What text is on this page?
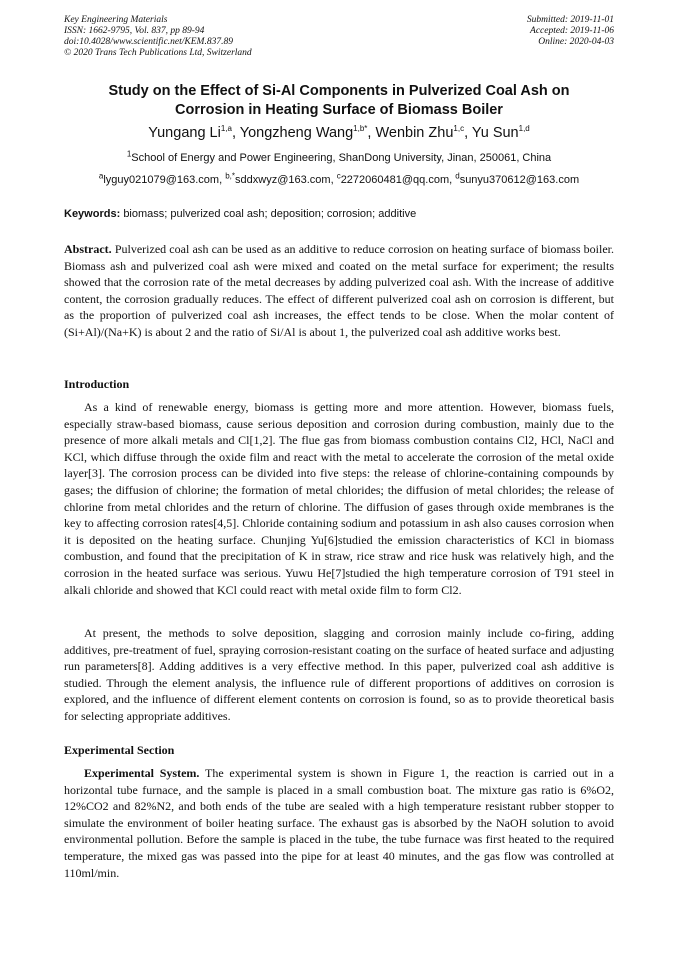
Key Engineering Materials
ISSN: 1662-9795, Vol. 837, pp 89-94
doi:10.4028/www.scientific.net/KEM.837.89
© 2020 Trans Tech Publications Ltd, Switzerland
Submitted: 2019-11-01
Accepted: 2019-11-06
Online: 2020-04-03
Study on the Effect of Si-Al Components in Pulverized Coal Ash on
Corrosion in Heating Surface of Biomass Boiler
Yungang Li$^{1,a}$, Yongzheng Wang$^{1,b*}$, Wenbin Zhu$^{1,c}$, Yu Sun$^{1,d}$
$^1$School of Energy and Power Engineering, ShanDong University, Jinan, 250061, China
$^a$lyguy021079@163.com, $^{b,*}$sddxwyz@163.com, $^c$2272060481@qq.com, $^d$sunyu370612@163.com
Keywords: biomass; pulverized coal ash; deposition; corrosion; additive
Abstract. Pulverized coal ash can be used as an additive to reduce corrosion on heating surface of biomass boiler. Biomass ash and pulverized coal ash were mixed and coated on the metal surface for experiment; the results showed that the corrosion rate of the metal decreases by adding pulverized coal ash. With the increase of additive content, the corrosion gradually reduces. The effect of different pulverized coal ash on corrosion is different, but as the proportion of pulverized coal ash increases, the effect tends to be close. When the molar content of (Si+Al)/(Na+K) is about 2 and the ratio of Si/Al is about 1, the pulverized coal ash additive works best.
Introduction
As a kind of renewable energy, biomass is getting more and more attention. However, biomass fuels, especially straw-based biomass, cause serious deposition and corrosion during combustion, mainly due to the presence of more alkali metals and Cl[1,2]. The flue gas from biomass combustion contains Cl2, HCl, NaCl and KCl, which diffuse through the oxide film and react with the metal to accelerate the corrosion of the metal oxide layer[3]. The corrosion process can be divided into five steps: the release of chlorine-containing compounds by gases; the diffusion of chlorine; the formation of metal chlorides; the diffusion of metal chlorides; the release of chlorine from metal chlorides and the return of chlorine. The diffusion of gases through oxide membranes is the key to affecting corrosion rates[4,5]. Chloride containing sodium and potassium in ash also causes corrosion when it is deposited on the heating surface. Chunjing Yu[6]studied the emission characteristics of KCl in biomass combustion, and found that the precipitation of K in straw, rice straw and rice husk was relatively high, and the corrosion in the heated surface was serious. Yuwu He[7]studied the high temperature corrosion of T91 steel in alkali chloride and showed that KCl could react with metal oxide film to form Cl2.
At present, the methods to solve deposition, slagging and corrosion mainly include co-firing, adding additives, pre-treatment of fuel, spraying corrosion-resistant coating on the surface of heated surface and adjusting run parameters[8]. Adding additives is a very effective method. In this paper, pulverized coal ash additive is studied. Through the element analysis, the influence rule of different proportions of additives on corrosion is explored, and the influence of different element contents on corrosion is found, so as to provide theoretical basis for selecting appropriate additives.
Experimental Section
Experimental System. The experimental system is shown in Figure 1, the reaction is carried out in a horizontal tube furnace, and the sample is placed in a small combustion boat. The mixture gas ratio is 6%O2, 12%CO2 and 82%N2, and both ends of the tube are sealed with a high temperature resistant rubber stopper to simulate the environment of boiler heating surface. The exhaust gas is absorbed by the NaOH solution to avoid environmental pollution. Before the sample is placed in the tube, the tube furnace was first heated to the required temperature, the mixed gas was passed into the pipe for at least 40 minutes, and the gas flow was controlled at 110ml/min.
